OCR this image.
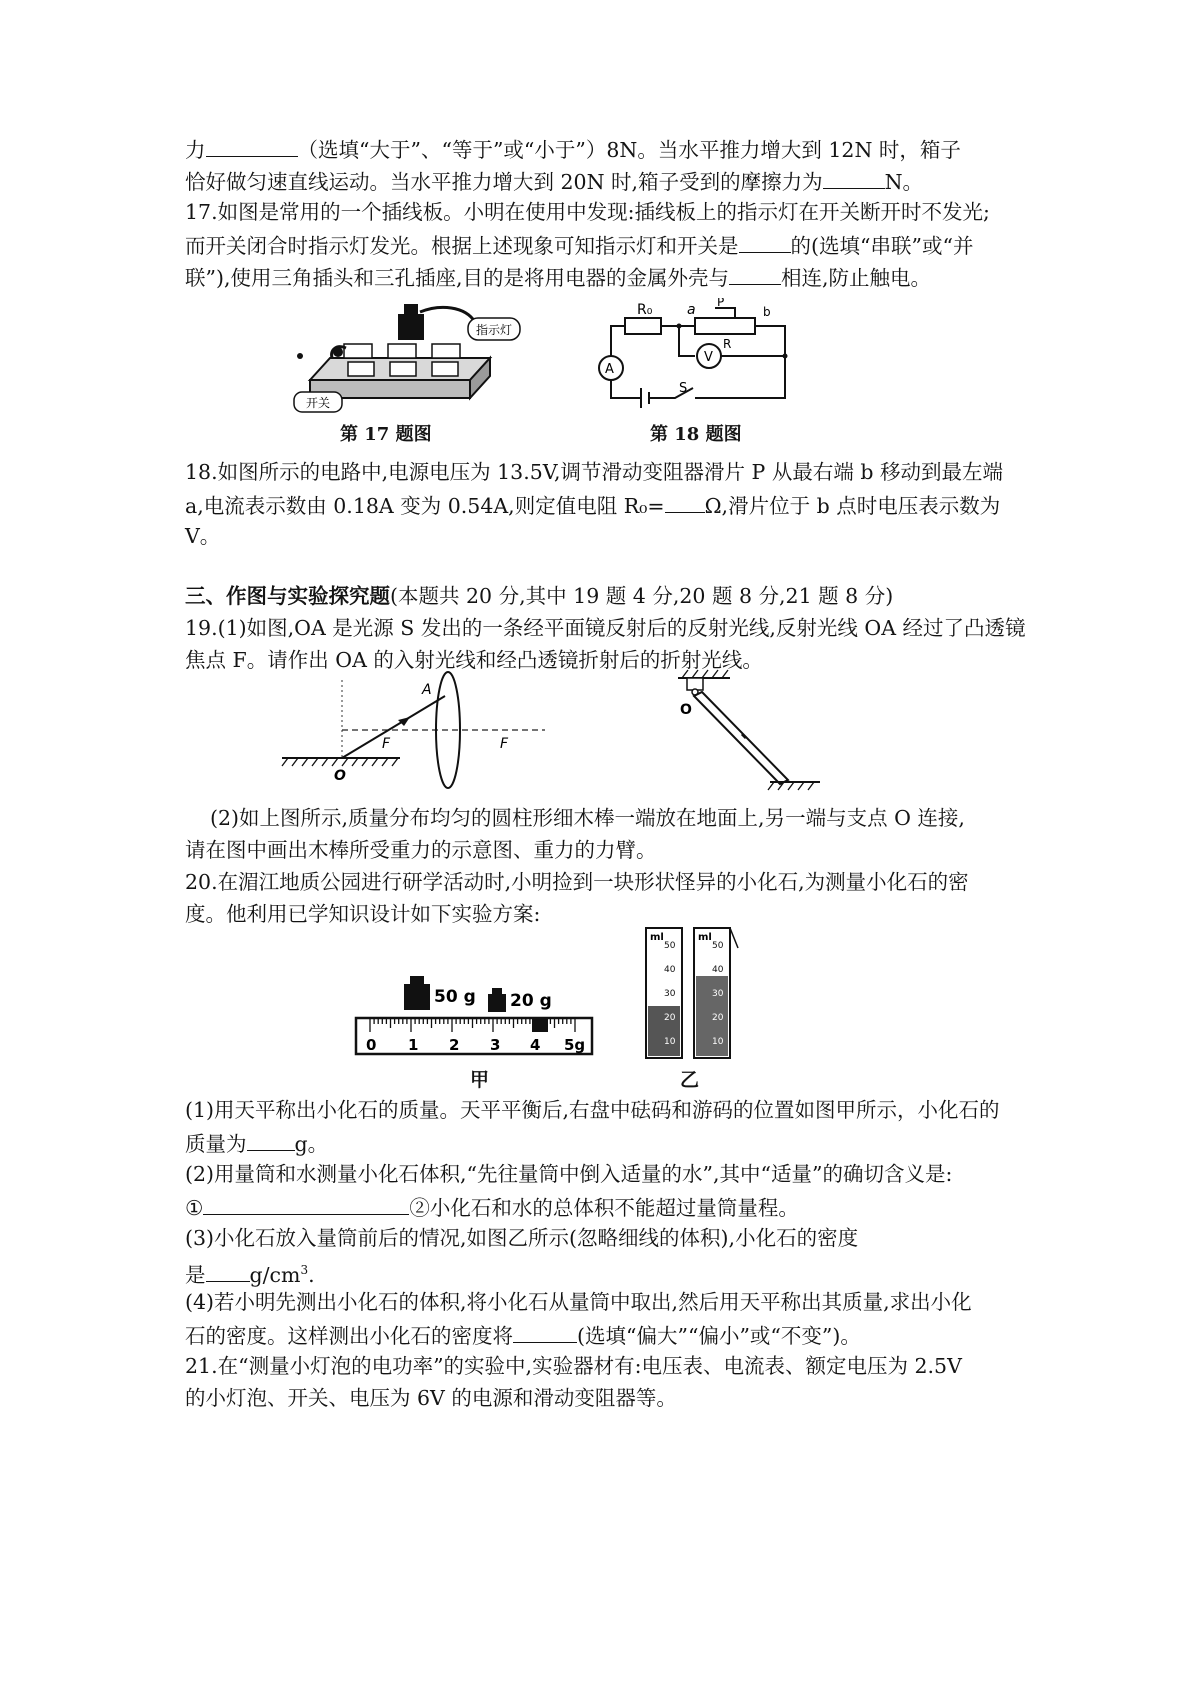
力	（选填“大于”、“等于”或“小于”）8N。当水平推力增大到 12N 时，箱子
恰好做匀速直线运动。当水平推力增大到 20N 时,箱子受到的摩擦力为	N。
17.如图是常用的一个插线板。小明在使用中发现:插线板上的指示灯在开关断开时不发光;
而开关闭合时指示灯发光。根据上述现象可知指示灯和开关是	的(选填“串联”或“并
联”),使用三角插头和三孔插座,目的是将用电器的金属外壳与	相连,防止触电。
指示灯
开关
第 17 题图
R₀ a P
b
R
V
A
S
第 18 题图
18.如图所示的电路中,电源电压为 13.5V,调节滑动变阻器滑片 P 从最右端 b 移动到最左端
a,电流表示数由 0.18A 变为 0.54A,则定值电阻 R₀= Ω,滑片位于 b 点时电压表示数为
V。
三、作图与实验探究题(本题共 20 分,其中 19 题 4 分,20 题 8 分,21 题 8 分)
19.(1)如图,OA 是光源 S 发出的一条经平面镜反射后的反射光线,反射光线 OA 经过了凸透镜
焦点 F。请作出 OA 的入射光线和经凸透镜折射后的折射光线。
A
F	F
O
O
(2)如上图所示,质量分布均匀的圆柱形细木棒一端放在地面上,另一端与支点 O 连接,
请在图中画出木棒所受重力的示意图、重力的力臂。
20.在湄江地质公园进行研学活动时,小明捡到一块形状怪异的小化石,为测量小化石的密
度。他利用已学知识设计如下实验方案:
50 g 20 g
0 1 2 3 4 5g
甲
ml	ml
50
40
30
20
10
50
40
30
20
10
乙
(1)用天平称出小化石的质量。天平平衡后,右盘中砝码和游码的位置如图甲所示，小化石的
质量为 g。
(2)用量筒和水测量小化石体积,“先往量筒中倒入适量的水”,其中“适量”的确切含义是:
①	②小化石和水的总体积不能超过量筒量程。
(3)小化石放入量筒前后的情况,如图乙所示(忽略细线的体积),小化石的密度
是 $g/cm^3$.
(4)若小明先测出小化石的体积,将小化石从量筒中取出,然后用天平称出其质量,求出小化
石的密度。这样测出小化石的密度将	(选填“偏大”“偏小”或“不变”)。
21.在“测量小灯泡的电功率”的实验中,实验器材有:电压表、电流表、额定电压为 2.5V
的小灯泡、开关、电压为 6V 的电源和滑动变阻器等。
